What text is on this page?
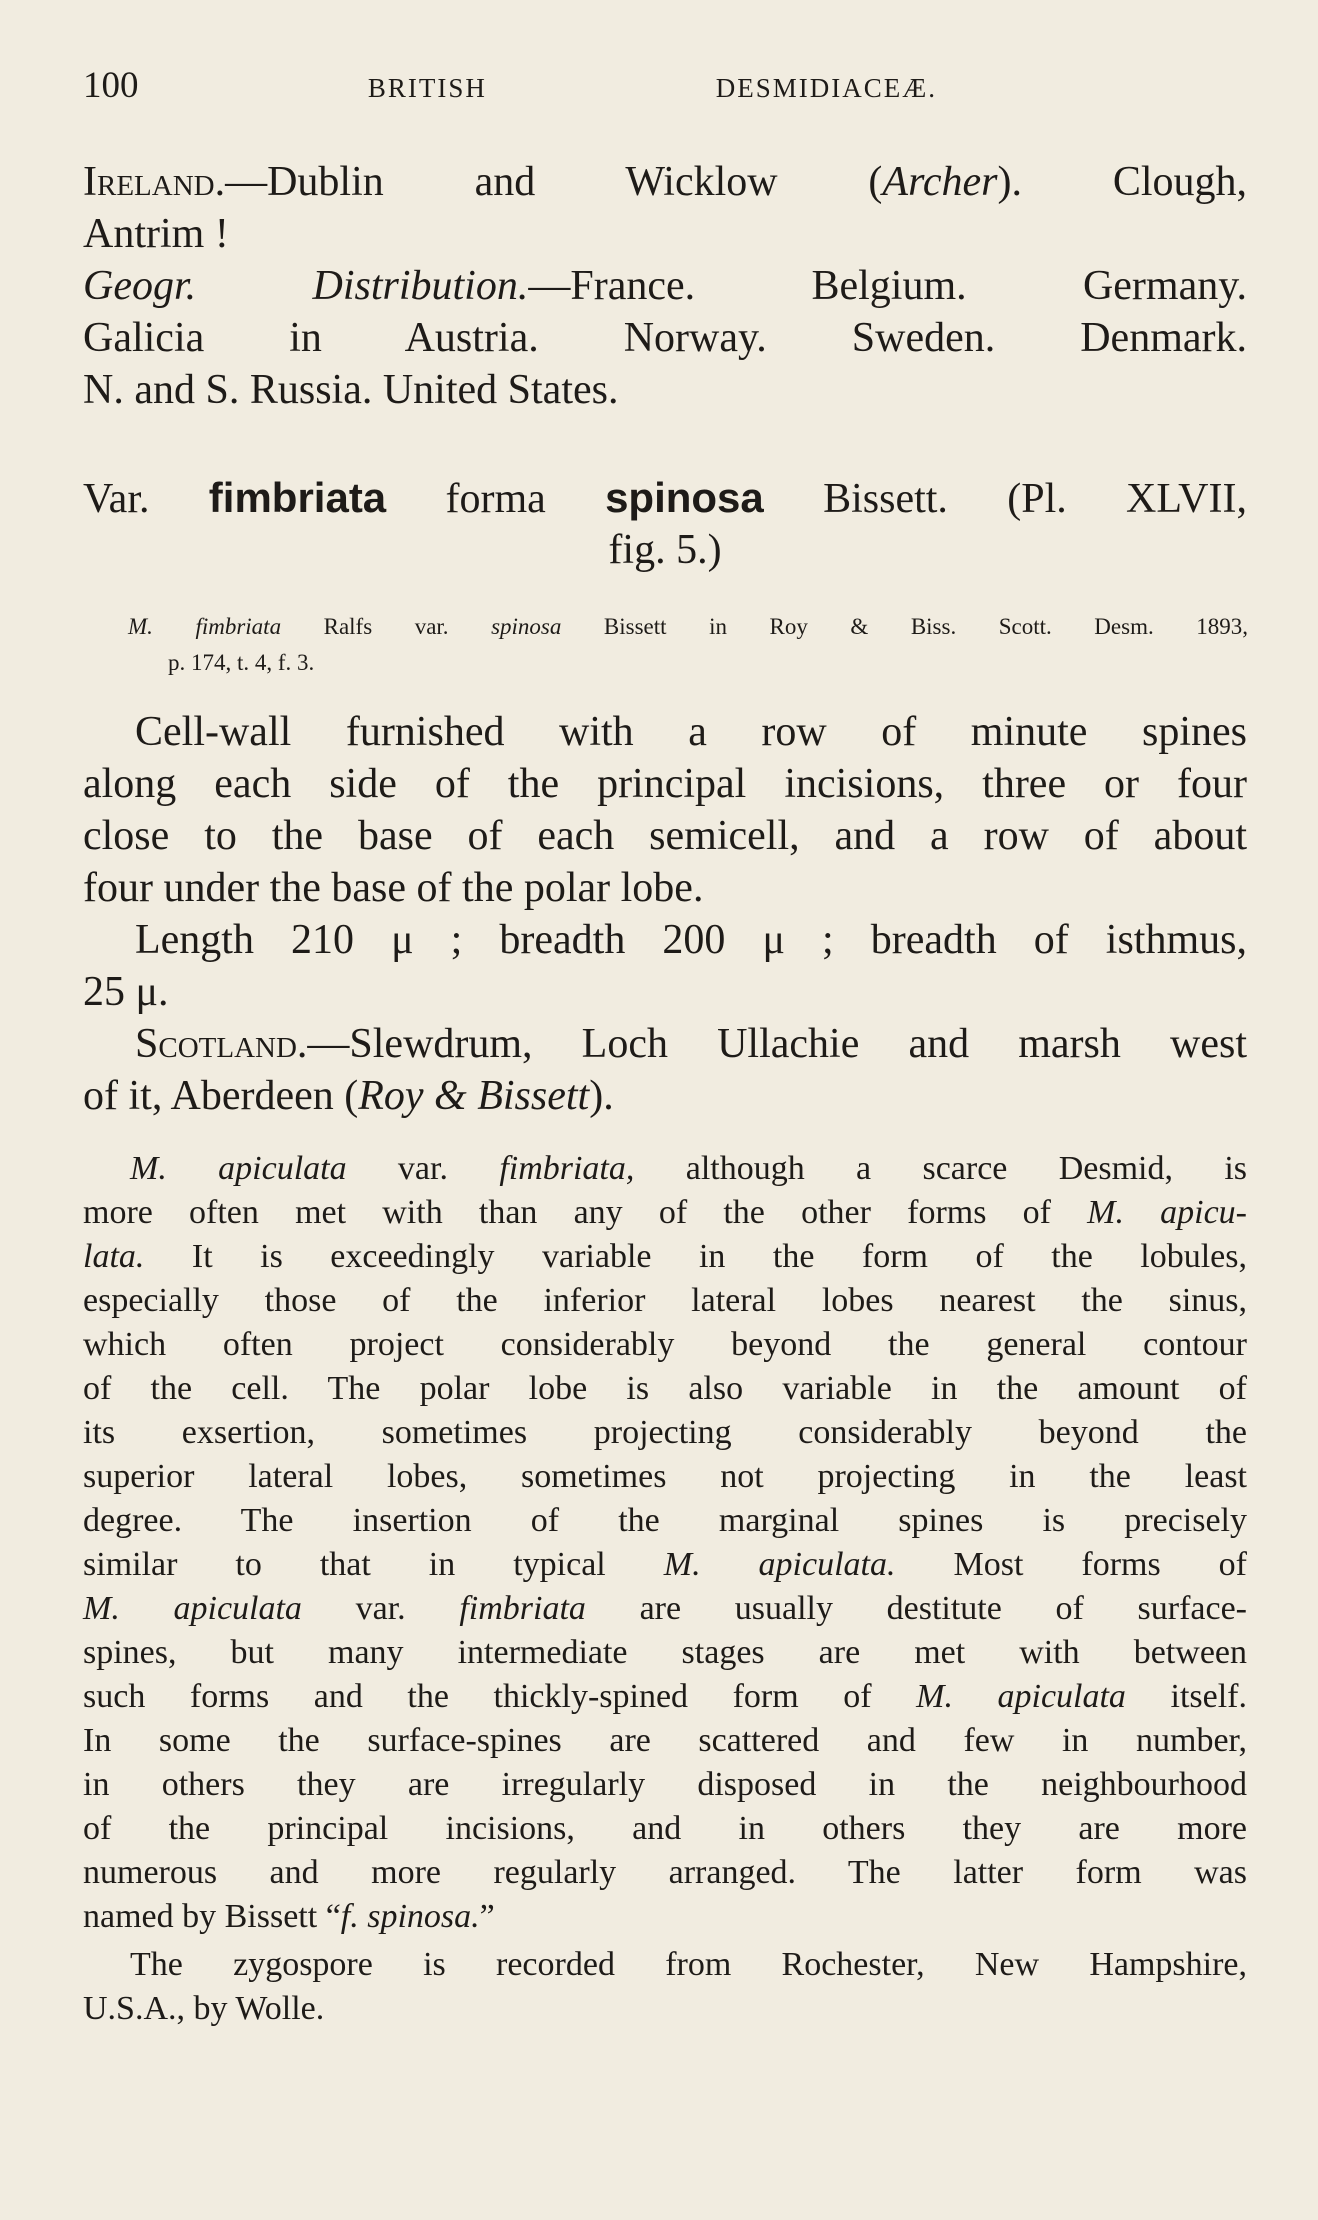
100	BRITISH DESMIDIACEÆ.

Ireland.—Dublin and Wicklow (Archer). Clough,

Antrim !

Geogr. Distribution.—France. Belgium. Germany.

Galicia in Austria. Norway. Sweden. Denmark.

N. and S. Russia. United States.

Var. fimbriata forma spinosa Bissett. (Pl. XLVII,

fig. 5.)

M. fimbriata Ralfs var. spinosa Bissett in Roy & Biss. Scott. Desm. 1893,

p. 174, t. 4, f. 3.

Cell-wall furnished with a row of minute spines

along each side of the principal incisions, three or four

close to the base of each semicell, and a row of about

four under the base of the polar lobe.

Length 210 μ ; breadth 200 μ ; breadth of isthmus,

25 μ.

Scotland.—Slewdrum, Loch Ullachie and marsh west

of it, Aberdeen (Roy & Bissett).

M. apiculata var. fimbriata, although a scarce Desmid, is

more often met with than any of the other forms of M. apicu-

lata. It is exceedingly variable in the form of the lobules,

especially those of the inferior lateral lobes nearest the sinus,

which often project considerably beyond the general contour

of the cell. The polar lobe is also variable in the amount of

its exsertion, sometimes projecting considerably beyond the

superior lateral lobes, sometimes not projecting in the least

degree. The insertion of the marginal spines is precisely

similar to that in typical M. apiculata. Most forms of

M. apiculata var. fimbriata are usually destitute of surface-

spines, but many intermediate stages are met with between

such forms and the thickly-spined form of M. apiculata itself.

In some the surface-spines are scattered and few in number,

in others they are irregularly disposed in the neighbourhood

of the principal incisions, and in others they are more

numerous and more regularly arranged. The latter form was

named by Bissett “f. spinosa.”

The zygospore is recorded from Rochester, New Hampshire,

U.S.A., by Wolle.
